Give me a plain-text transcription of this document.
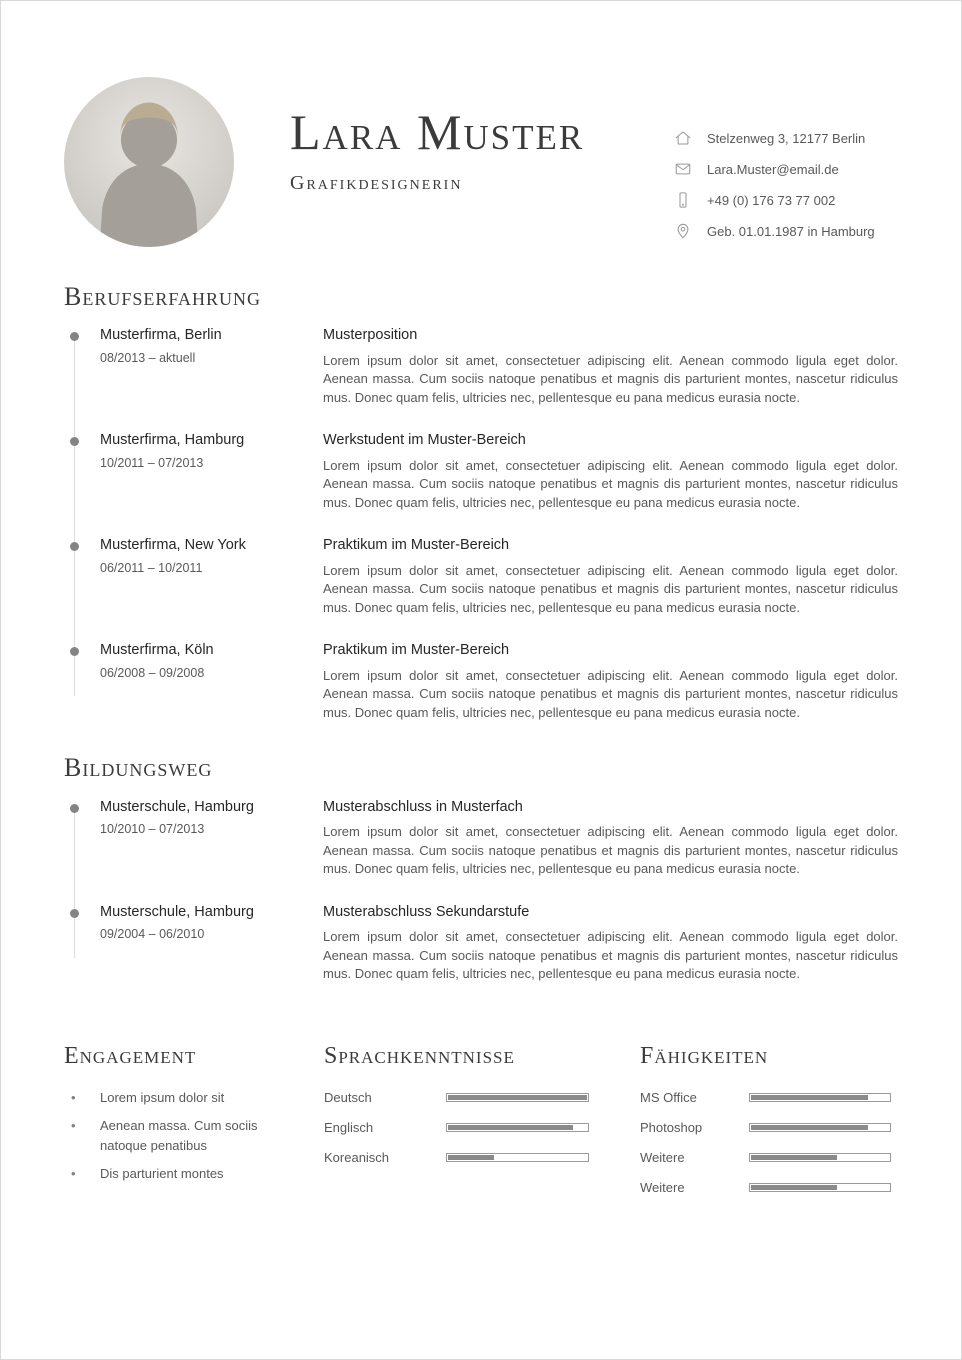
Lara Muster
Grafikdesignerin
Stelzenweg 3, 12177 Berlin
Lara.Muster@email.de
+49 (0) 176 73 77 002
Geb. 01.01.1987 in Hamburg
Berufserfahrung
Musterfirma, Berlin
08/2013 – aktuell
Musterposition

Lorem ipsum dolor sit amet, consectetuer adipiscing elit. Aenean commodo ligula eget dolor. Aenean massa. Cum sociis natoque penatibus et magnis dis parturient montes, nascetur ridiculus mus. Donec quam felis, ultricies nec, pellentesque eu pana medicus eurasia nocte.

Musterfirma, Hamburg
10/2011 – 07/2013
Werkstudent im Muster-Bereich

Lorem ipsum dolor sit amet, consectetuer adipiscing elit. Aenean commodo ligula eget dolor. Aenean massa. Cum sociis natoque penatibus et magnis dis parturient montes, nascetur ridiculus mus. Donec quam felis, ultricies nec, pellentesque eu pana medicus eurasia nocte.

Musterfirma, New York
06/2011 – 10/2011
Praktikum im Muster-Bereich

Lorem ipsum dolor sit amet, consectetuer adipiscing elit. Aenean commodo ligula eget dolor. Aenean massa. Cum sociis natoque penatibus et magnis dis parturient montes, nascetur ridiculus mus. Donec quam felis, ultricies nec, pellentesque eu pana medicus eurasia nocte.

Musterfirma, Köln
06/2008 – 09/2008
Praktikum im Muster-Bereich

Lorem ipsum dolor sit amet, consectetuer adipiscing elit. Aenean commodo ligula eget dolor. Aenean massa. Cum sociis natoque penatibus et magnis dis parturient montes, nascetur ridiculus mus. Donec quam felis, ultricies nec, pellentesque eu pana medicus eurasia nocte.

Bildungsweg
Musterschule, Hamburg
10/2010 – 07/2013
Musterabschluss in Musterfach

Lorem ipsum dolor sit amet, consectetuer adipiscing elit. Aenean commodo ligula eget dolor. Aenean massa. Cum sociis natoque penatibus et magnis dis parturient montes, nascetur ridiculus mus. Donec quam felis, ultricies nec, pellentesque eu pana medicus eurasia nocte.

Musterschule, Hamburg
09/2004 – 06/2010
Musterabschluss Sekundarstufe

Lorem ipsum dolor sit amet, consectetuer adipiscing elit. Aenean commodo ligula eget dolor. Aenean massa. Cum sociis natoque penatibus et magnis dis parturient montes, nascetur ridiculus mus. Donec quam felis, ultricies nec, pellentesque eu pana medicus eurasia nocte.

Engagement
• Lorem ipsum dolor sit
• Aenean massa. Cum sociis natoque penatibus
• Dis parturient montes
Sprachkenntnisse
Deutsch
Englisch
Koreanisch
Fähigkeiten
MS Office
Photoshop
Weitere
Weitere
